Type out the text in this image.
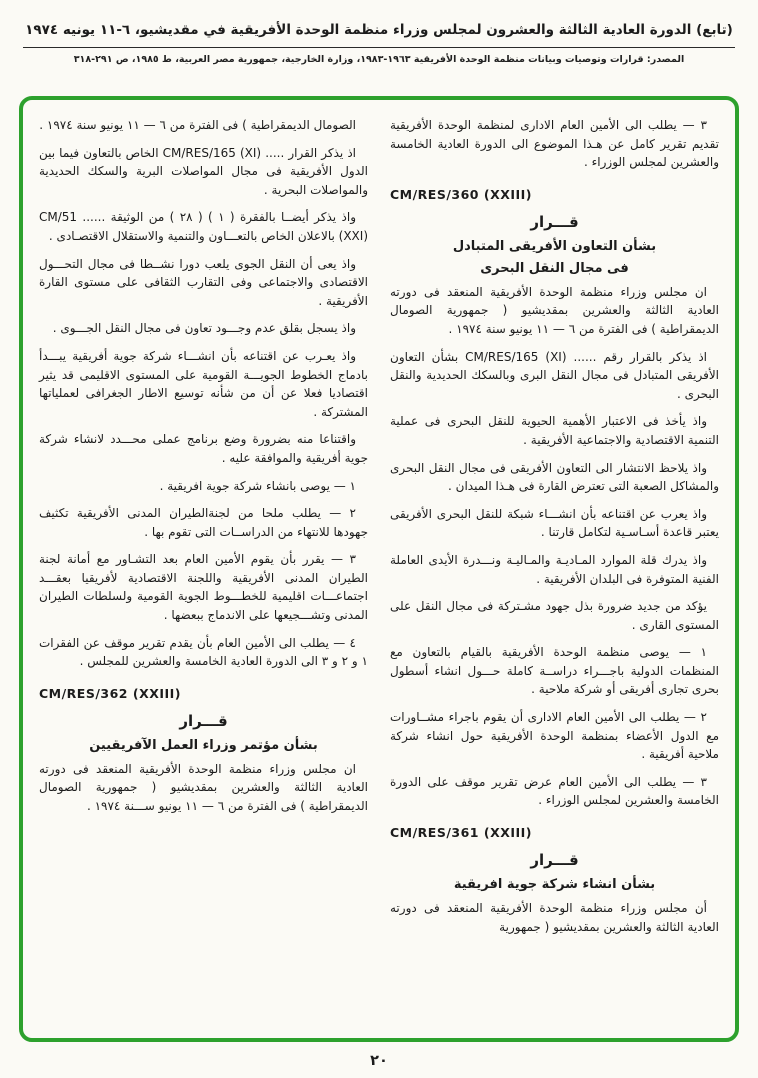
(تابع) الدورة العادية الثالثة والعشرون لمجلس وزراء منظمة الوحدة الأفريقية في مقديشيو، ٦-١١ يونيه ١٩٧٤
المصدر: قرارات وتوصيات وبيانات منظمة الوحدة الأفريقية ١٩٦٣-١٩٨٣، وزارة الخارجية، جمهورية مصر العربية، ط ١٩٨٥، ص ٢٩١-٣١٨
٣ — يطلب الى الأمين العام الادارى لمنظمة الوحدة الأفريقية تقديم تقرير كامل عن هـذا الموضوع الى الدورة العادية الخامسة والعشرين لمجلس الوزراء .
CM/RES/360 (XXIII)
قـــرار
بشأن التعاون الأفريقى المتبادل
فى مجال النقل البحرى
ان مجلس وزراء منظمة الوحدة الأفريقية المنعقد فى دورته العادية الثالثة والعشرين بمقديشيو ( جمهورية الصومال الديمقراطية ) فى الفترة من ٦ — ١١ يونيو سنة ١٩٧٤ .
اذ يذكر بالقرار رقم ...... CM/RES/165 (XI) بشأن التعاون الأفريقى المتبادل فى مجال النقل البرى وبالسكك الحديدية والنقل البحرى .
واذ يأخذ فى الاعتبار الأهمية الحيوية للنقل البحرى فى عملية التنمية الاقتصادية والاجتماعية الأفريقية .
واذ يلاحظ الانتشار الى التعاون الأفريقى فى مجال النقل البحرى والمشاكل الصعبة التى تعترض القارة فى هـذا الميدان .
واذ يعرب عن اقتناعه بأن انشـــاء شبكة للنقل البحرى الأفريقى يعتبر قاعدة أسـاسـية لتكامل قارتنا .
واذ يدرك قلة الموارد المـاديـة والمـاليـة ونـــدرة الأيدى العاملة الفنية المتوفرة فى البلدان الأفريقية .
يؤكد من جديد ضرورة بذل جهود مشـتركة فى مجال النقل على المستوى القارى .
١ — يوصى منظمة الوحدة الأفريقية بالقيام بالتعاون مع المنظمات الدولية باجـــراء دراســة كاملة حـــول انشاء أسطول بحرى تجارى أفريقى أو شركة ملاحية .
٢ — يطلب الى الأمين العام الادارى أن يقوم باجراء مشــاورات مع الدول الأعضاء بمنظمة الوحدة الأفريقية حول انشاء شركة ملاحية أفريقية .
٣ — يطلب الى الأمين العام عرض تقرير موقف على الدورة الخامسة والعشرين لمجلس الوزراء .
CM/RES/361 (XXIII)
قـــرار
بشأن انشاء شركة جوية افريقية
أن مجلس وزراء منظمة الوحدة الأفريقية المنعقد فى دورته العادية الثالثة والعشرين بمقديشيو ( جمهورية
الصومال الديمقراطية ) فى الفترة من ٦ — ١١ يونيو سنة ١٩٧٤ .
اذ يذكر القرار ..... CM/RES/165 (XI) الخاص بالتعاون فيما بين الدول الأفريقية فى مجال المواصلات البرية والسكك الحديدية والمواصلات البحرية .
واذ يذكر أيضــا بالفقرة ( ١ ) ( ٢٨ ) من الوثيقة ...... CM/51 (XXI) بالاعلان الخاص بالتعـــاون والتنمية والاستقلال الاقتصـادى .
واذ يعى أن النقل الجوى يلعب دورا نشــطا فى مجال التحـــول الاقتصادى والاجتماعى وفى التقارب الثقافى على مستوى القارة الأفريقية .
واذ يسجل بقلق عدم وجـــود تعاون فى مجال النقل الجـــوى .
واذ يعـرب عن اقتناعه بأن انشـــاء شركة جوية أفريقية يبـــدأ بادماج الخطوط الجويـــة القومية على المستوى الاقليمى قد يثير اقتصاديا فعلا عن أن من شأنه توسيع الاطار الجغرافى لعملياتها المشتركة .
واقتناعا منه بضرورة وضع برنامج عملى محـــدد لانشاء شركة جوية أفريقية والموافقة عليه .
١ — يوصى بانشاء شركة جوية افريقية .
٢ — يطلب ملحا من لجنةالطيران المدنى الأفريقية تكثيف جهودها للانتهاء من الدراســات التى تقوم بها .
٣ — يقرر بأن يقوم الأمين العام بعد التشـاور مع أمانة لجنة الطيران المدنى الأفريقية واللجنة الاقتصادية لأفريقيا بعقـــد اجتماعـــات اقليمية للخطـــوط الجوية القومية ولسلطات الطيران المدنى وتشـــجيعها على الاندماج ببعضها .
٤ — يطلب الى الأمين العام بأن يقدم تقرير موقف عن الفقرات ١ و ٢ و ٣ الى الدورة العادية الخامسة والعشرين للمجلس .
CM/RES/362 (XXIII)
قـــرار
بشأن مؤتمر وزراء العمل الآفريقيين
ان مجلس وزراء منظمة الوحدة الأفريقية المنعقد فى دورته العادية الثالثة والعشرين بمقديشيو ( جمهورية الصومال الديمقراطية ) فى الفترة من ٦ — ١١ يونيو ســـنة ١٩٧٤ .
٢٠
